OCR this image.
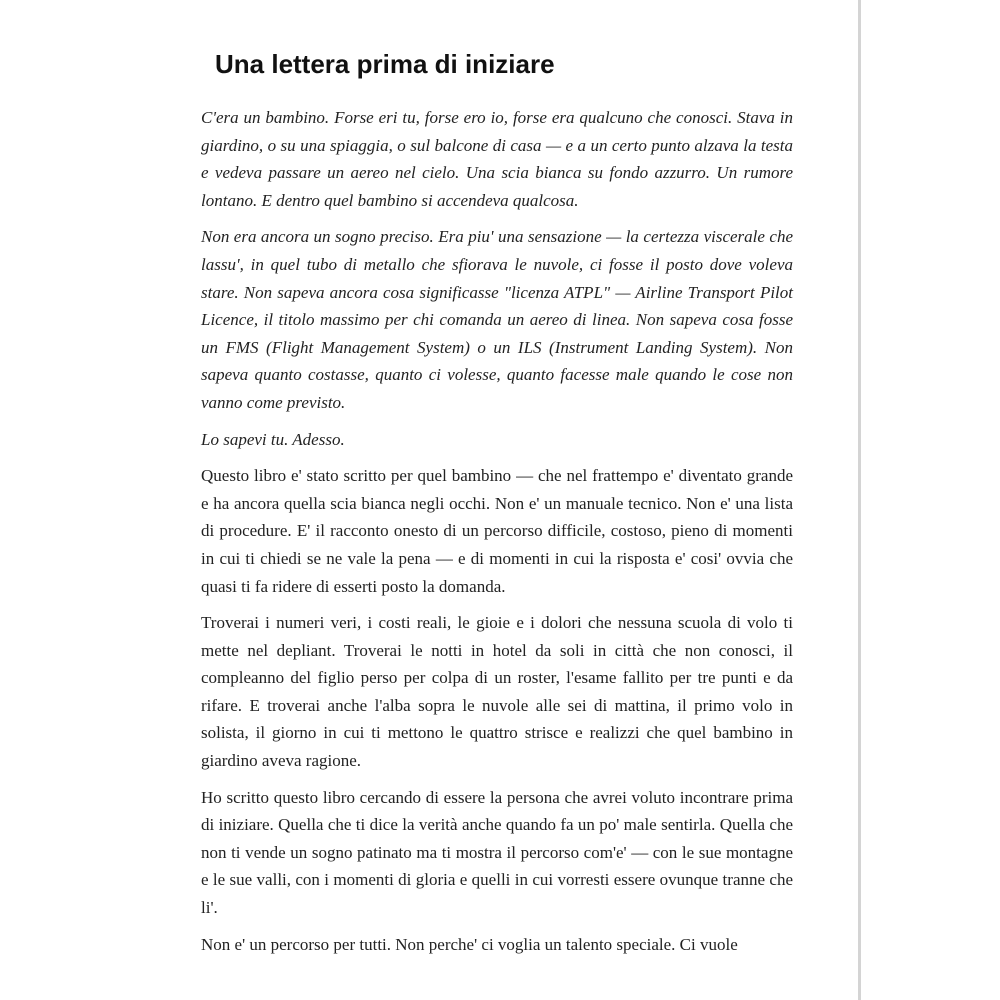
Una lettera prima di iniziare

C'era un bambino. Forse eri tu, forse ero io, forse era qualcuno che conosci. Stava in giardino, o su una spiaggia, o sul balcone di casa — e a un certo punto alzava la testa e vedeva passare un aereo nel cielo. Una scia bianca su fondo azzurro. Un rumore lontano. E dentro quel bambino si accendeva qualcosa.

Non era ancora un sogno preciso. Era piu' una sensazione — la certezza viscerale che lassu', in quel tubo di metallo che sfiorava le nuvole, ci fosse il posto dove voleva stare. Non sapeva ancora cosa significasse "licenza ATPL" — Airline Transport Pilot Licence, il titolo massimo per chi comanda un aereo di linea. Non sapeva cosa fosse un FMS (Flight Management System) o un ILS (Instrument Landing System). Non sapeva quanto costasse, quanto ci volesse, quanto facesse male quando le cose non vanno come previsto.

Lo sapevi tu. Adesso.

Questo libro e' stato scritto per quel bambino — che nel frattempo e' diventato grande e ha ancora quella scia bianca negli occhi. Non e' un manuale tecnico. Non e' una lista di procedure. E' il racconto onesto di un percorso difficile, costoso, pieno di momenti in cui ti chiedi se ne vale la pena — e di momenti in cui la risposta e' cosi' ovvia che quasi ti fa ridere di esserti posto la domanda.

Troverai i numeri veri, i costi reali, le gioie e i dolori che nessuna scuola di volo ti mette nel depliant. Troverai le notti in hotel da soli in città che non conosci, il compleanno del figlio perso per colpa di un roster, l'esame fallito per tre punti e da rifare. E troverai anche l'alba sopra le nuvole alle sei di mattina, il primo volo in solista, il giorno in cui ti mettono le quattro strisce e realizzi che quel bambino in giardino aveva ragione.

Ho scritto questo libro cercando di essere la persona che avrei voluto incontrare prima di iniziare. Quella che ti dice la verità anche quando fa un po' male sentirla. Quella che non ti vende un sogno patinato ma ti mostra il percorso com'e' — con le sue montagne e le sue valli, con i momenti di gloria e quelli in cui vorresti essere ovunque tranne che li'.

Non e' un percorso per tutti. Non perche' ci voglia un talento speciale. Ci vuole
